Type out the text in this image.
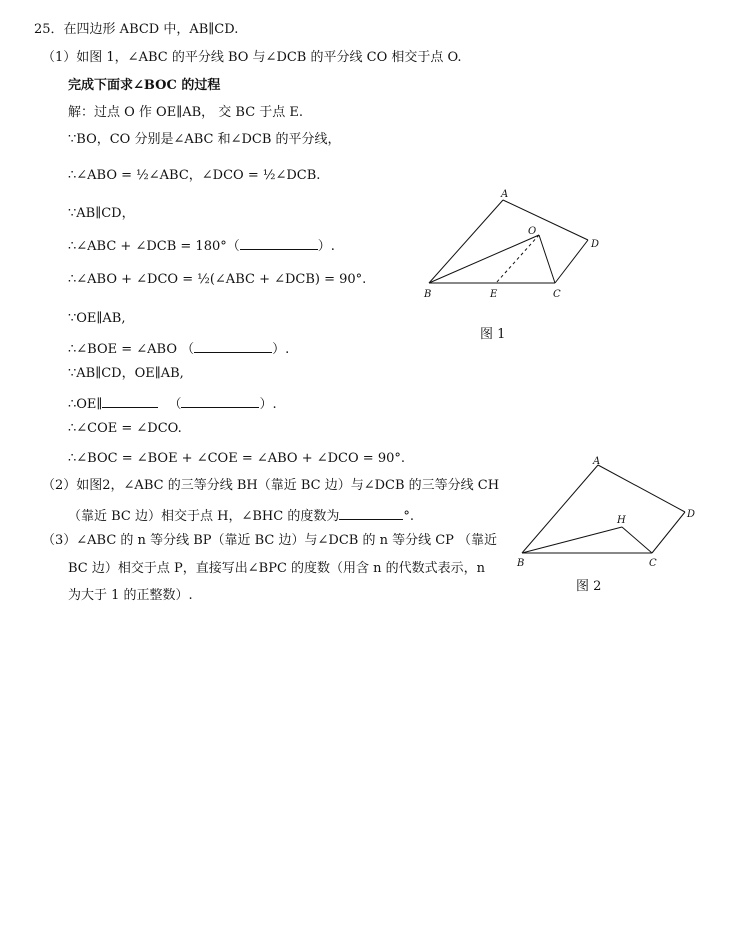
25．在四边形 ABCD 中，AB∥CD.
（1）如图 1，∠ABC 的平分线 BO 与∠DCB 的平分线 CO 相交于点 O.
完成下面求∠BOC 的过程
解：过点 O 作 OE∥AB， 交 BC 于点 E.
∵BO，CO 分别是∠ABC 和∠DCB 的平分线，
∴∠ABO = ½∠ABC，∠DCO = ½∠DCB.
∵AB∥CD，
∴∠ABC + ∠DCB = 180°（	）.
∴∠ABO + ∠DCO = ½(∠ABC + ∠DCB) = 90°.
∵OE∥AB,
∴∠BOE = ∠ABO （	）.
∵AB∥CD，OE∥AB,
∴OE∥	（	）.
∴∠COE = ∠DCO.
∴∠BOC = ∠BOE + ∠COE = ∠ABO + ∠DCO = 90°.
（2）如图2，∠ABC 的三等分线 BH（靠近 BC 边）与∠DCB 的三等分线 CH
（靠近 BC 边）相交于点 H，∠BHC 的度数为	°.
（3）∠ABC 的 n 等分线 BP（靠近 BC 边）与∠DCB 的 n 等分线 CP （靠近
BC 边）相交于点 P，直接写出∠BPC 的度数（用含 n 的代数式表示，n
为大于 1 的正整数）.
A
B	C
D
E
O
图 1
A
B	C
D
H
图 2
